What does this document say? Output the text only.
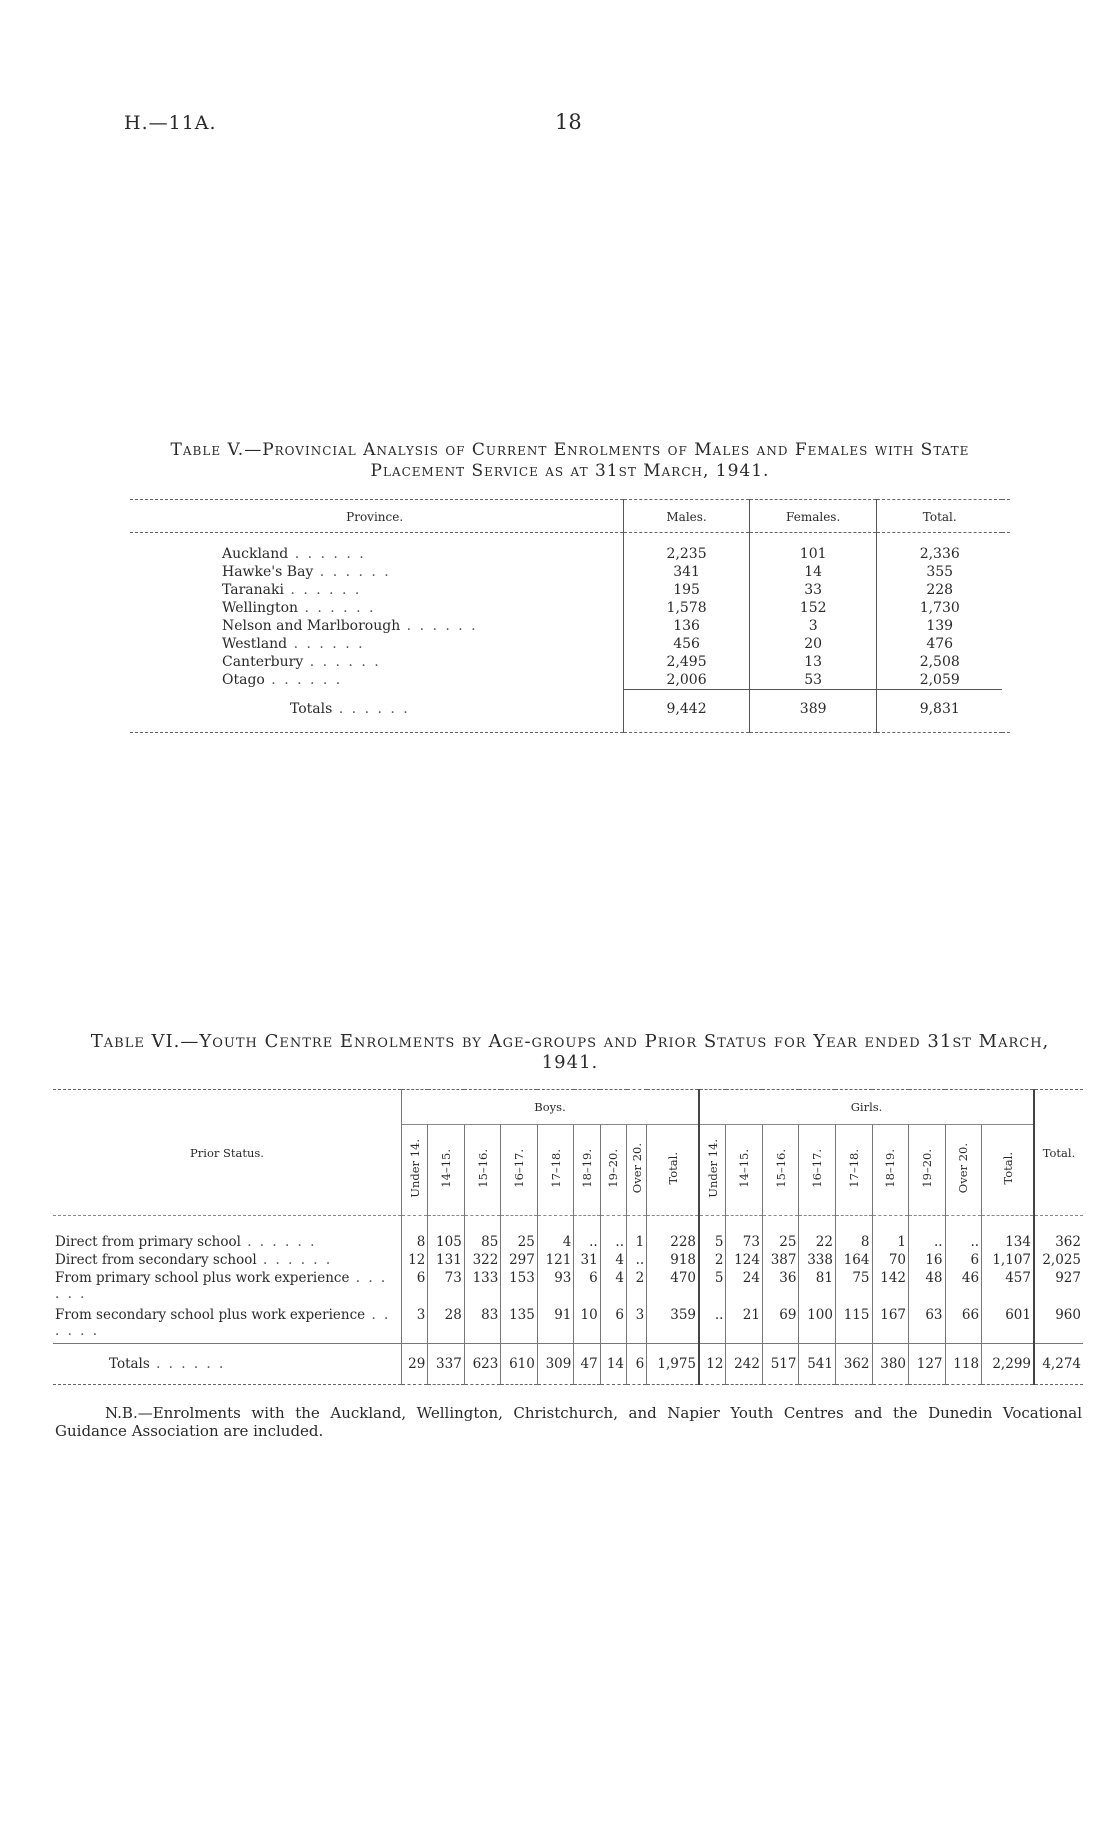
H.—11A.	18
Table V.—Provincial Analysis of Current Enrolments of Males and Females with State
Placement Service as at 31st March, 1941.
Province.	Males.	Females.	Total.	
Auckland . . . . . .	2,235	101	2,336	
Hawke's Bay . . . . . .	341	14	355	
Taranaki . . . . . .	195	33	228	
Wellington . . . . . .	1,578	152	1,730	
Nelson and Marlborough . . . . . .	136	3	139	
Westland . . . . . .	456	20	476	
Canterbury . . . . . .	2,495	13	2,508	
Otago . . . . . .	2,006	53	2,059	
Totals . . . . . .	9,442	389	9,831	
Table VI.—Youth Centre Enrolments by Age-groups and Prior Status for Year ended 31st March,
1941.
Prior Status.	Boys.									Girls.									Total.
	Under 14.	14–15.	15–16.	16–17.	17–18.	18–19.	19–20.	Over 20.	Total.	Under 14.	14–15.	15–16.	16–17.	17–18.	18–19.	19–20.	Over 20.	Total.	
Direct from primary school . . . . . .	8	105	85	25	4	..	..	1	228	5	73	25	22	8	1	..	..	134	362
Direct from secondary school . . . . . .	12	131	322	297	121	31	4	..	918	2	124	387	338	164	70	16	6	1,107	2,025
From primary school plus work experience . . . . . .	6	73	133	153	93	6	4	2	470	5	24	36	81	75	142	48	46	457	927
From secondary school plus work experience . . . . . .	3	28	83	135	91	10	6	3	359	..	21	69	100	115	167	63	66	601	960
Totals . . . . . .	29	337	623	610	309	47	14	6	1,975	12	242	517	541	362	380	127	118	2,299	4,274
N.B.—Enrolments with the Auckland, Wellington, Christchurch, and Napier Youth Centres and the Dunedin Vocational Guidance Association are included.
